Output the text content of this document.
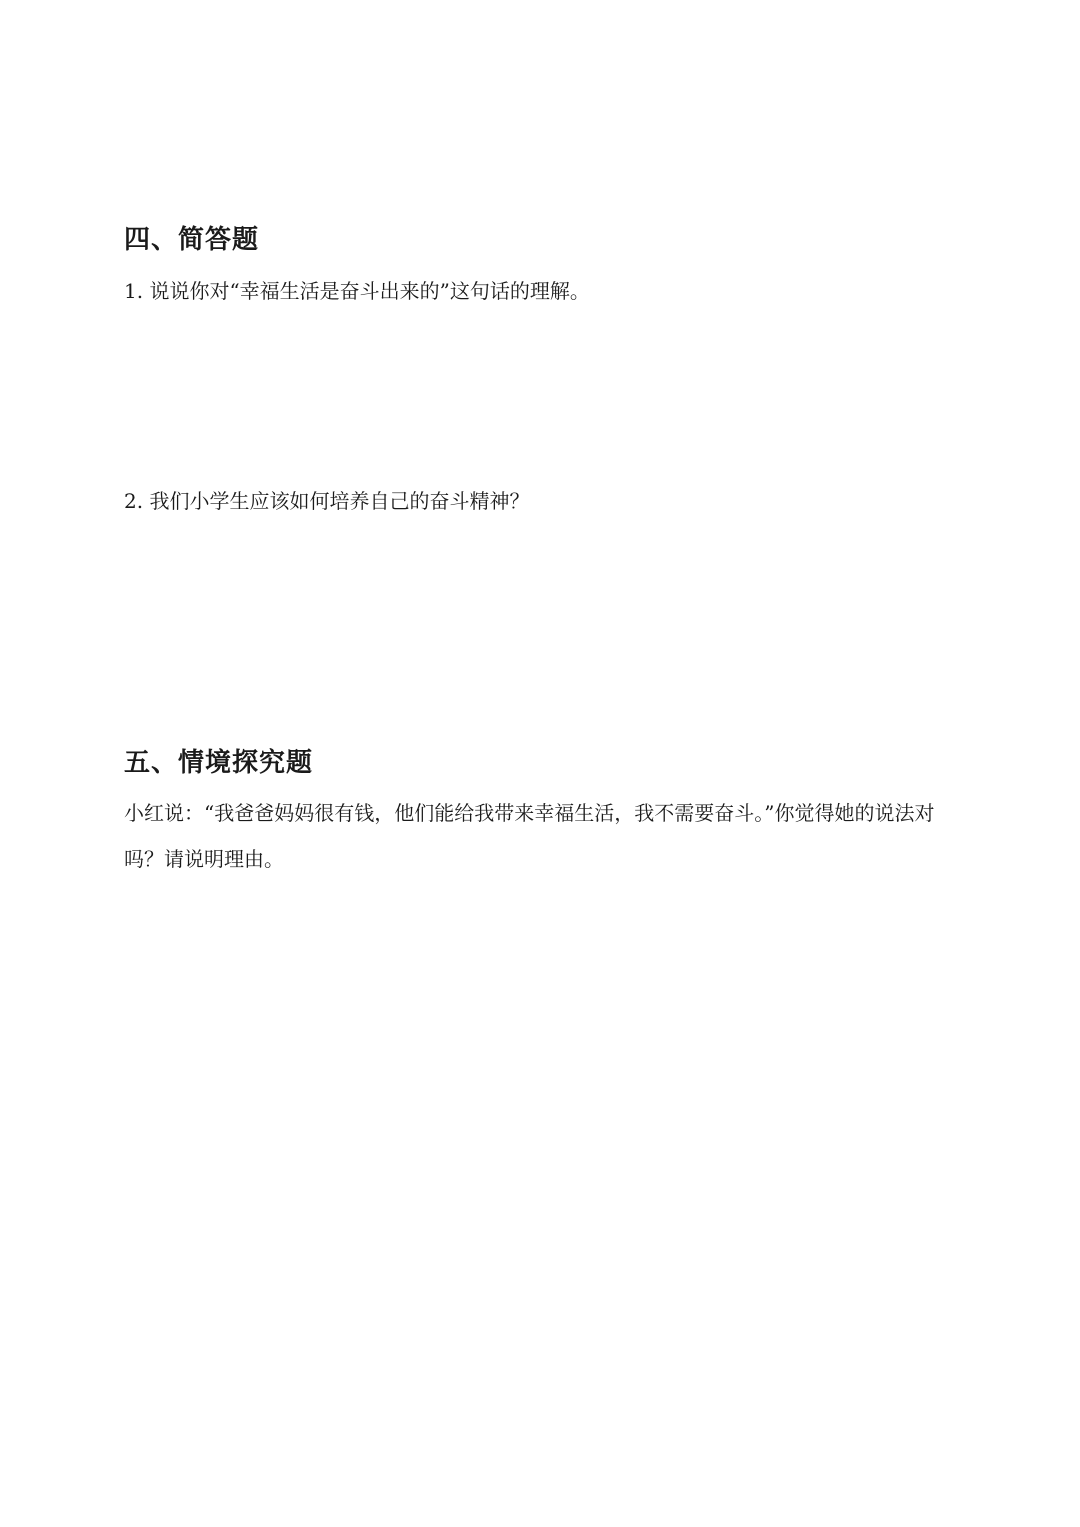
四、简答题

1. 说说你对“幸福生活是奋斗出来的”这句话的理解。

2. 我们小学生应该如何培养自己的奋斗精神？

五、情境探究题

小红说：“我爸爸妈妈很有钱，他们能给我带来幸福生活，我不需要奋斗。”你觉得她的说法对吗？请说明理由。
